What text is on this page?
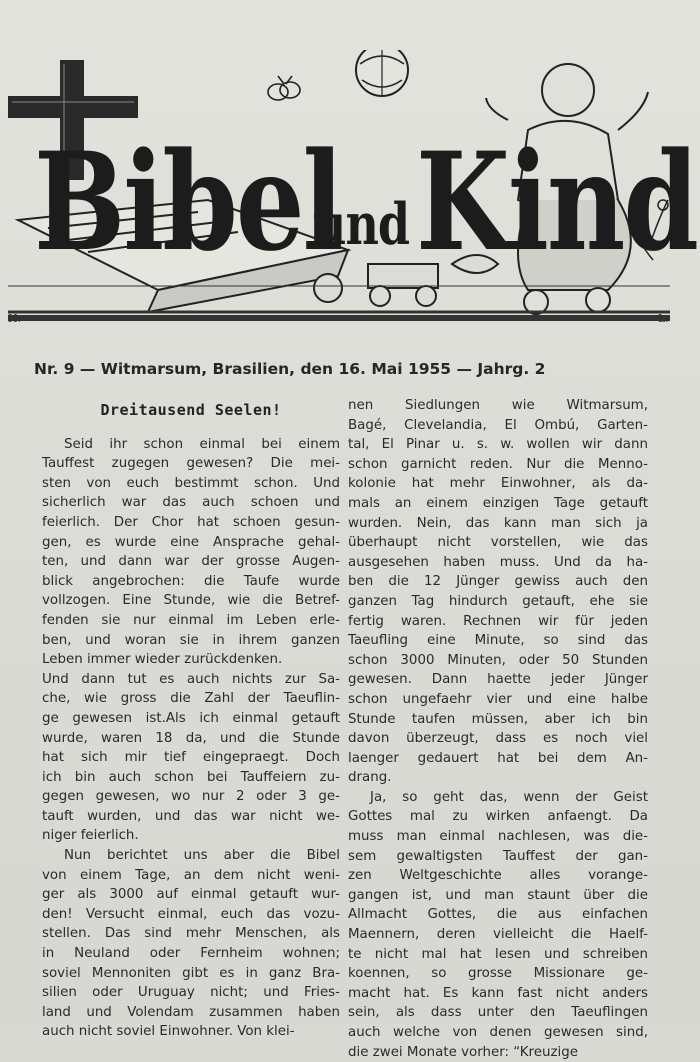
Bibel
und Kind
H.	L.
Nr. 9 — Witmarsum, Brasilien, den 16. Mai 1955 — Jahrg. 2
Dreitausend Seelen!
Seid ihr schon einmal bei einem
Tauffest zugegen gewesen? Die mei-
sten von euch bestimmt schon. Und
sicherlich war das auch schoen und
feierlich. Der Chor hat schoen gesun-
gen, es wurde eine Ansprache gehal-
ten, und dann war der grosse Augen-
blick angebrochen: die Taufe wurde
vollzogen. Eine Stunde, wie die Betref-
fenden sie nur einmal im Leben erle-
ben, und woran sie in ihrem ganzen
Leben immer wieder zurückdenken.
Und dann tut es auch nichts zur Sa-
che, wie gross die Zahl der Taeuflin-
ge gewesen ist.Als ich einmal getauft
wurde, waren 18 da, und die Stunde
hat sich mir tief eingepraegt. Doch
ich bin auch schon bei Tauffeiern zu-
gegen gewesen, wo nur 2 oder 3 ge-
tauft wurden, und das war nicht we-
niger feierlich.
Nun berichtet uns aber die Bibel
von einem Tage, an dem nicht weni-
ger als 3000 auf einmal getauft wur-
den! Versucht einmal, euch das vozu-
stellen. Das sind mehr Menschen, als
in Neuland oder Fernheim wohnen;
soviel Mennoniten gibt es in ganz Bra-
silien oder Uruguay nicht; und Fries-
land und Volendam zusammen haben
auch nicht soviel Einwohner. Von klei-
nen Siedlungen wie Witmarsum,
Bagé, Clevelandia, El Ombú, Garten-
tal, El Pinar u. s. w. wollen wir dann
schon garnicht reden. Nur die Menno-
kolonie hat mehr Einwohner, als da-
mals an einem einzigen Tage getauft
wurden. Nein, das kann man sich ja
überhaupt nicht vorstellen, wie das
ausgesehen haben muss. Und da ha-
ben die 12 Jünger gewiss auch den
ganzen Tag hindurch getauft, ehe sie
fertig waren. Rechnen wir für jeden
Taeufling eine Minute, so sind das
schon 3000 Minuten, oder 50 Stunden
gewesen. Dann haette jeder Jünger
schon ungefaehr vier und eine halbe
Stunde taufen müssen, aber ich bin
davon überzeugt, dass es noch viel
laenger gedauert hat bei dem An-
drang.
Ja, so geht das, wenn der Geist
Gottes mal zu wirken anfaengt. Da
muss man einmal nachlesen, was die-
sem gewaltigsten Tauffest der gan-
zen Weltgeschichte alles vorange-
gangen ist, und man staunt über die
Allmacht Gottes, die aus einfachen
Maennern, deren vielleicht die Haelf-
te nicht mal hat lesen und schreiben
koennen, so grosse Missionare ge-
macht hat. Es kann fast nicht anders
sein, als dass unter den Taeuflingen
auch welche von denen gewesen sind,
die zwei Monate vorher: “Kreuzige
